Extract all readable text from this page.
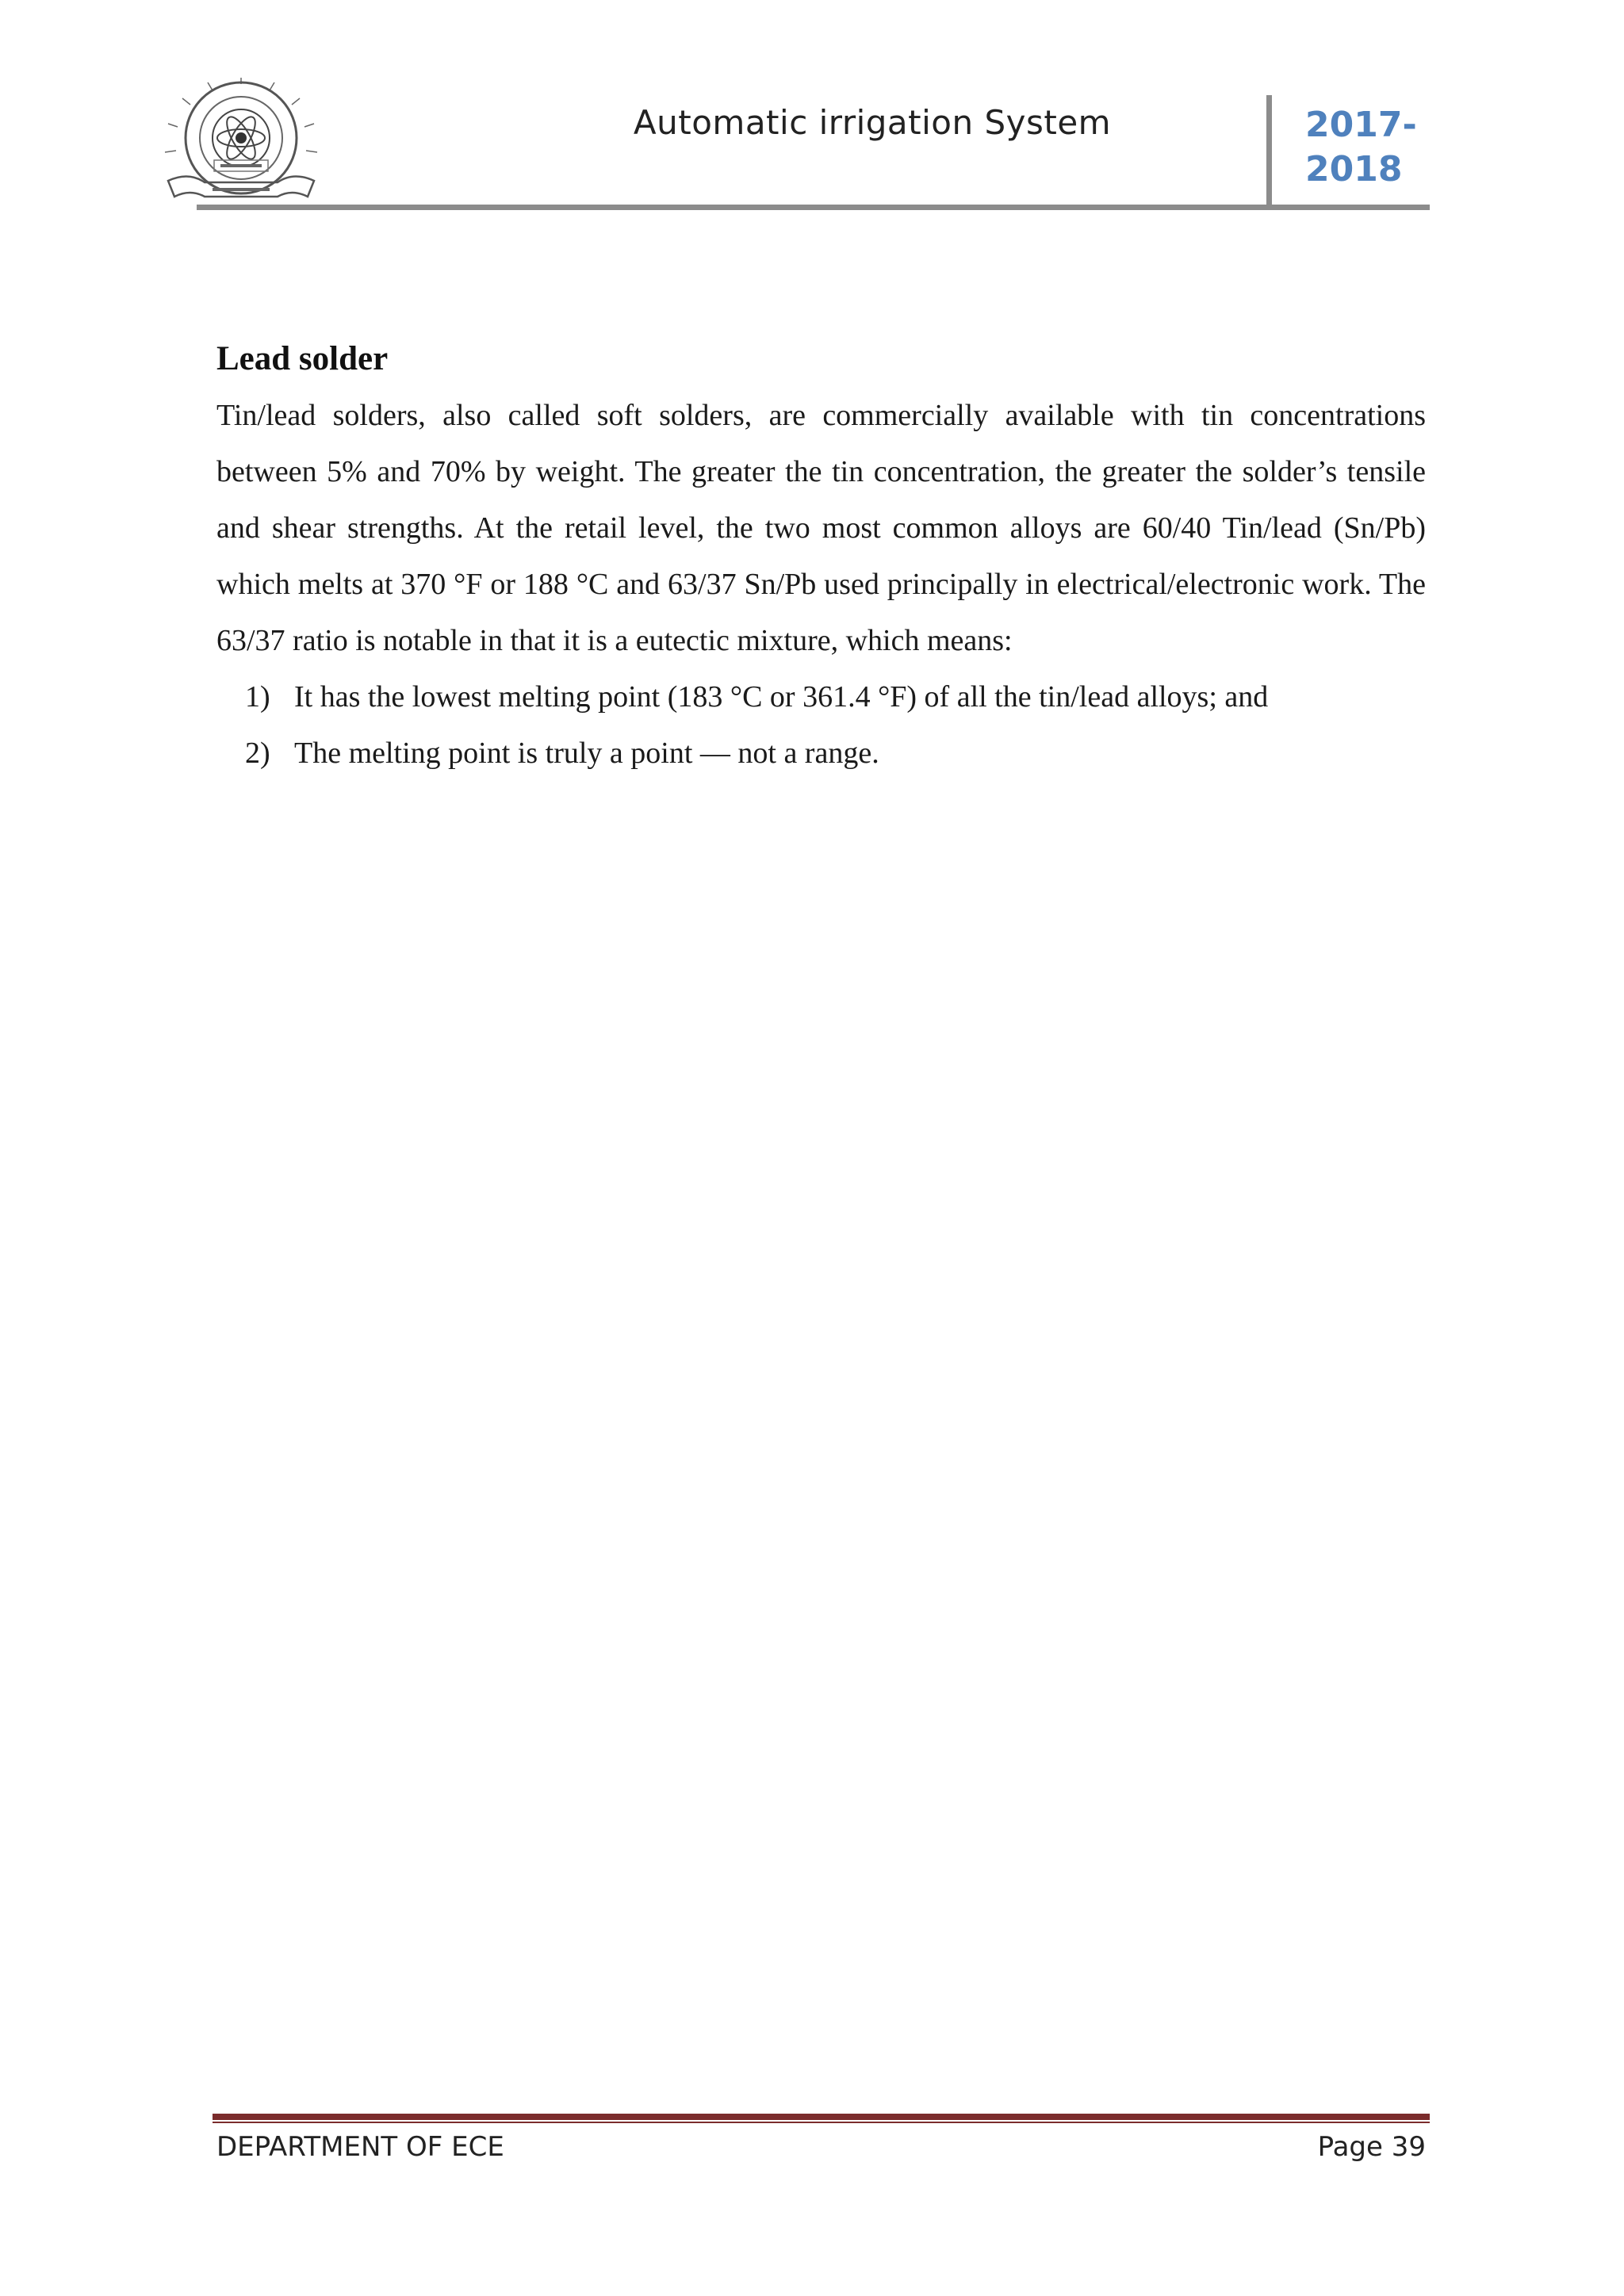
Automatic irrigation System	2017-
2018
Lead solder

Tin/lead solders, also called soft solders, are commercially available with tin concentrations between 5% and 70% by weight. The greater the tin concentration, the greater the solder’s tensile and shear strengths. At the retail level, the two most common alloys are 60/40 Tin/lead (Sn/Pb) which melts at 370 °F or 188 °C and 63/37 Sn/Pb used principally in electrical/electronic work. The 63/37 ratio is notable in that it is a eutectic mixture, which means:

1) It has the lowest melting point (183 °C or 361.4 °F) of all the tin/lead alloys; and
2) The melting point is truly a point — not a range.
DEPARTMENT OF ECE	Page 39
